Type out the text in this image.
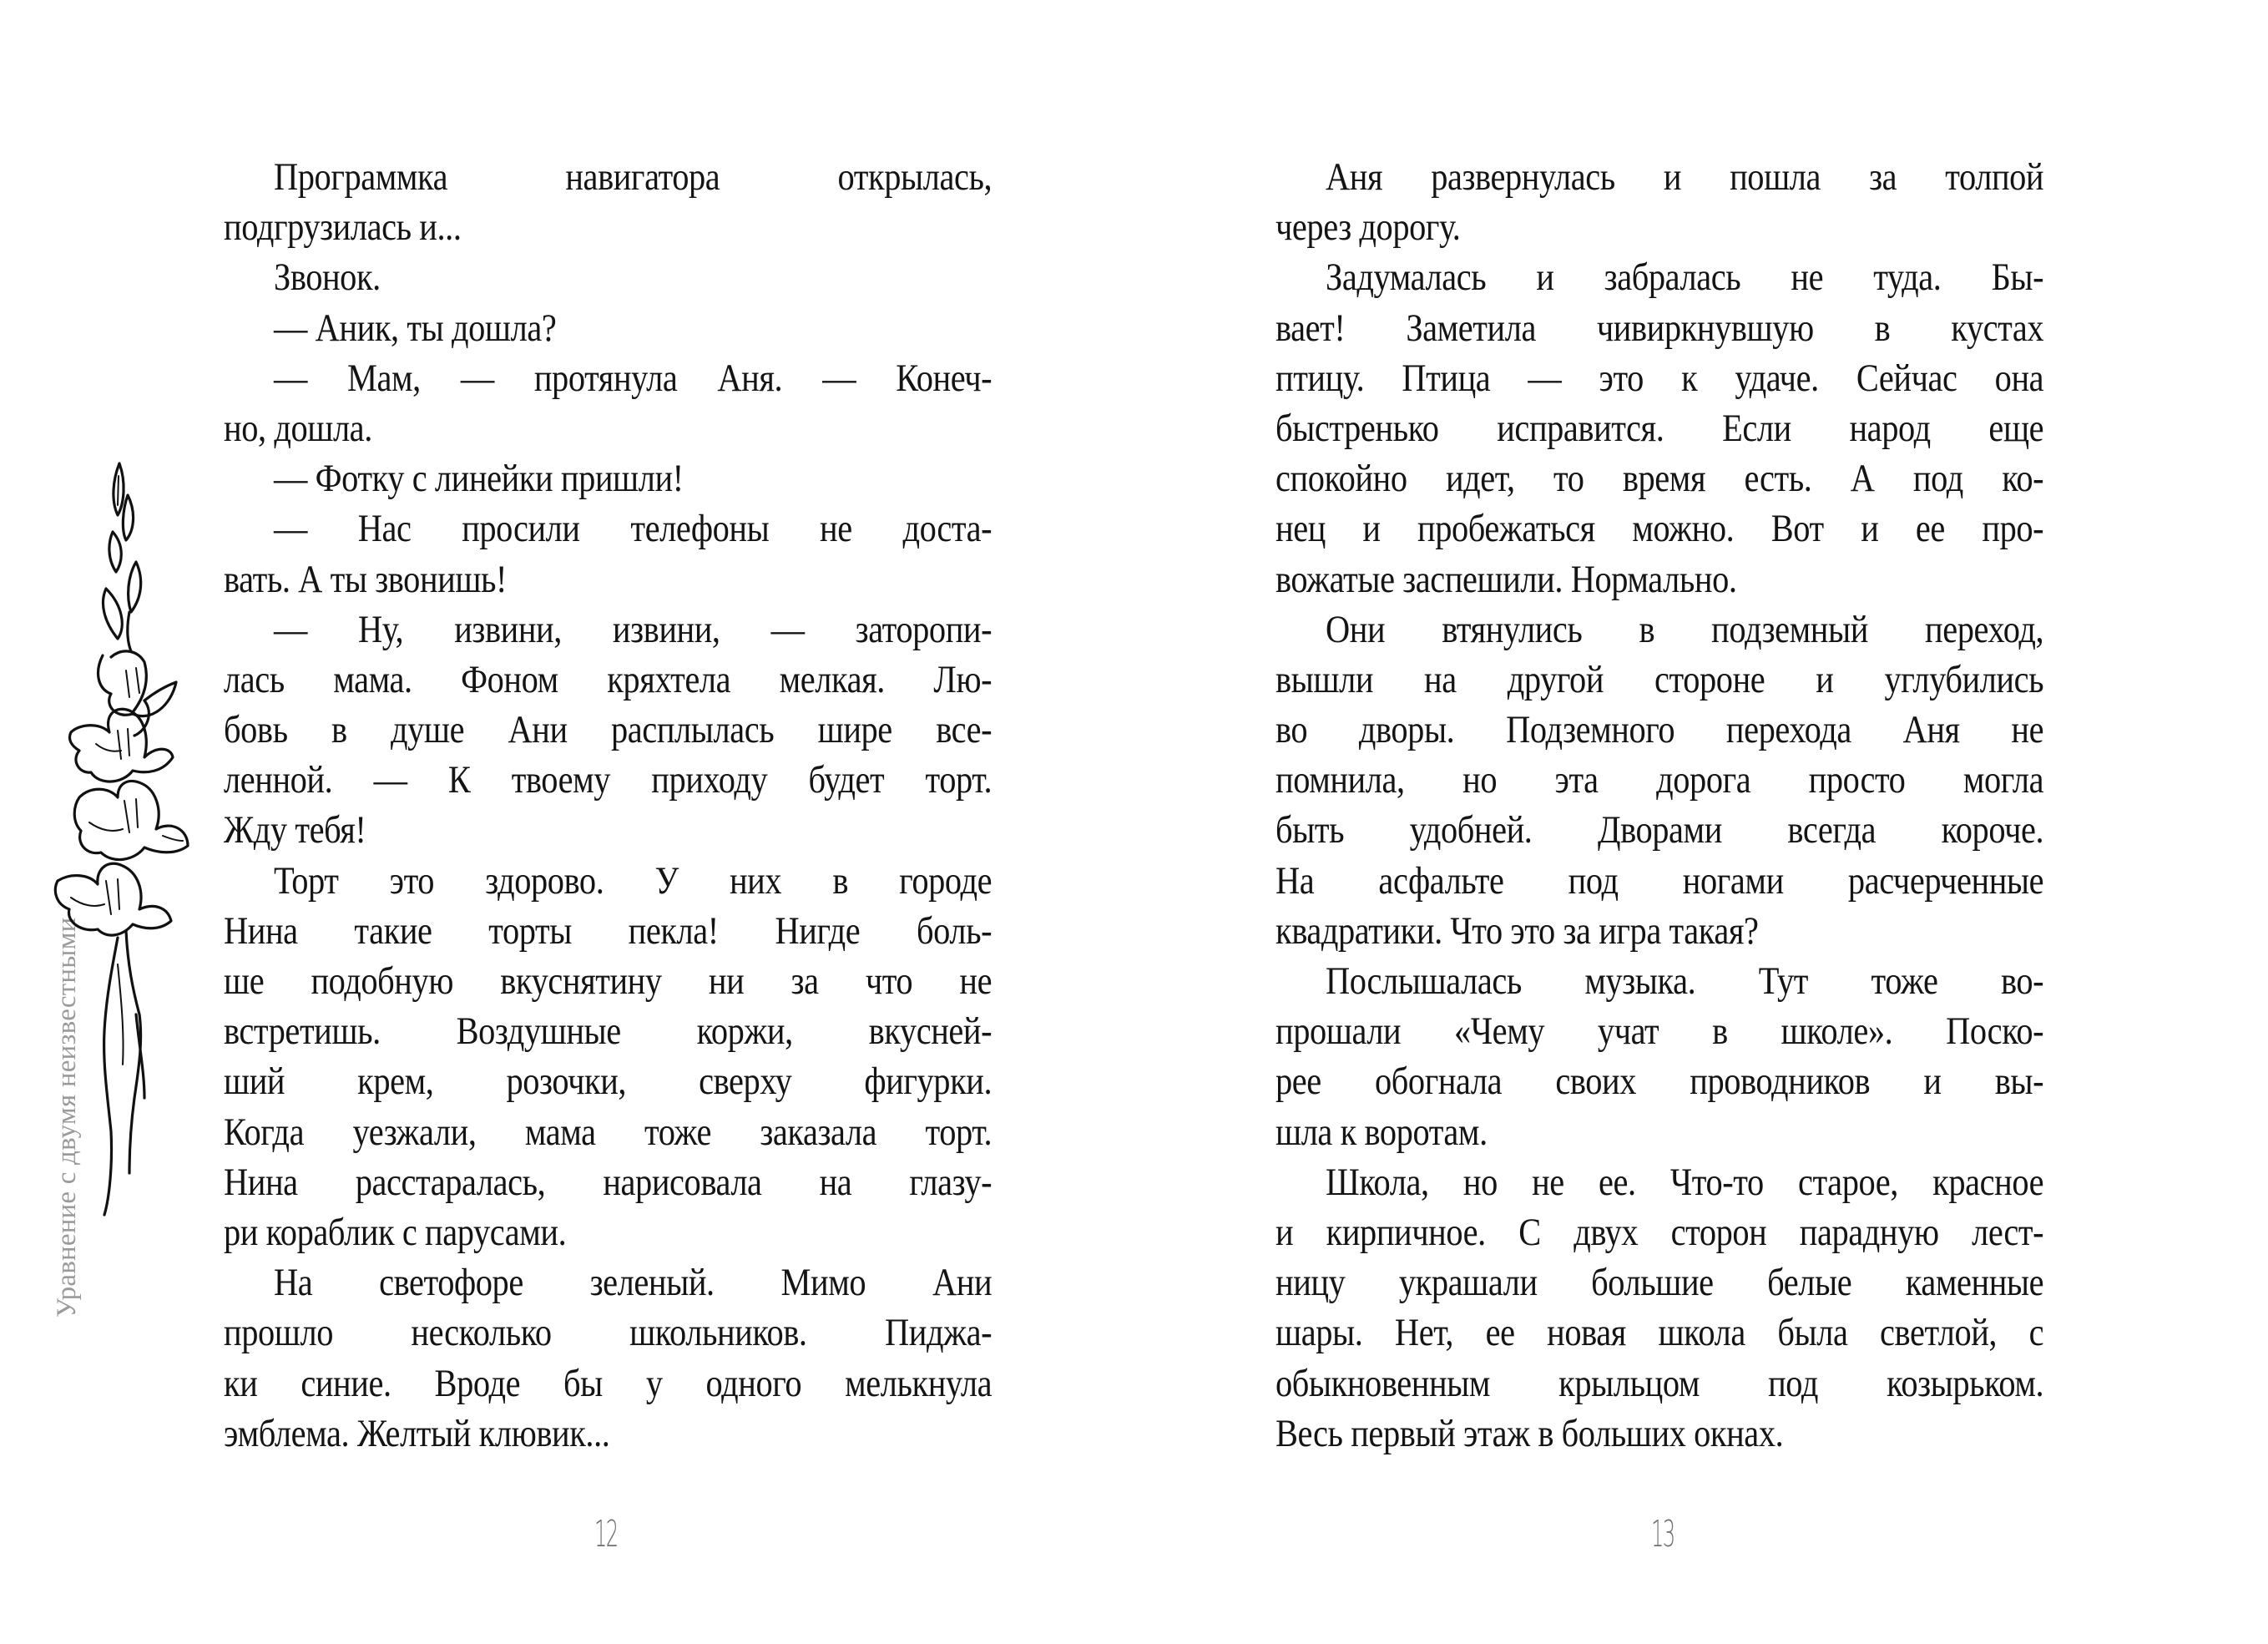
Уравнение с двумя неизвестными
Программка навигатора открылась,
подгрузилась и...
Звонок.
— Аник, ты дошла?
— Мам, — протянула Аня. — Конеч-
но, дошла.
— Фотку с линейки пришли!
— Нас просили телефоны не доста-
вать. А ты звонишь!
— Ну, извини, извини, — заторопи-
лась мама. Фоном кряхтела мелкая. Лю-
бовь в душе Ани расплылась шире все-
ленной. — К твоему приходу будет торт.
Жду тебя!
Торт это здорово. У них в городе
Нина такие торты пекла! Нигде боль-
ше подобную вкуснятину ни за что не
встретишь. Воздушные коржи, вкусней-
ший крем, розочки, сверху фигурки.
Когда уезжали, мама тоже заказала торт.
Нина расстаралась, нарисовала на глазу-
ри кораблик с парусами.
На светофоре зеленый. Мимо Ани
прошло несколько школьников. Пиджа-
ки синие. Вроде бы у одного мелькнула
эмблема. Желтый клювик...
12
Аня развернулась и пошла за толпой
через дорогу.
Задумалась и забралась не туда. Бы-
вает! Заметила чивиркнувшую в кустах
птицу. Птица — это к удаче. Сейчас она
быстренько исправится. Если народ еще
спокойно идет, то время есть. А под ко-
нец и пробежаться можно. Вот и ее про-
вожатые заспешили. Нормально.
Они втянулись в подземный переход,
вышли на другой стороне и углубились
во дворы. Подземного перехода Аня не
помнила, но эта дорога просто могла
быть удобней. Дворами всегда короче.
На асфальте под ногами расчерченные
квадратики. Что это за игра такая?
Послышалась музыка. Тут тоже во-
прошали «Чему учат в школе». Поско-
рее обогнала своих проводников и вы-
шла к воротам.
Школа, но не ее. Что-то старое, красное
и кирпичное. С двух сторон парадную лест-
ницу украшали большие белые каменные
шары. Нет, ее новая школа была светлой, с
обыкновенным крыльцом под козырьком.
Весь первый этаж в больших окнах.
13
